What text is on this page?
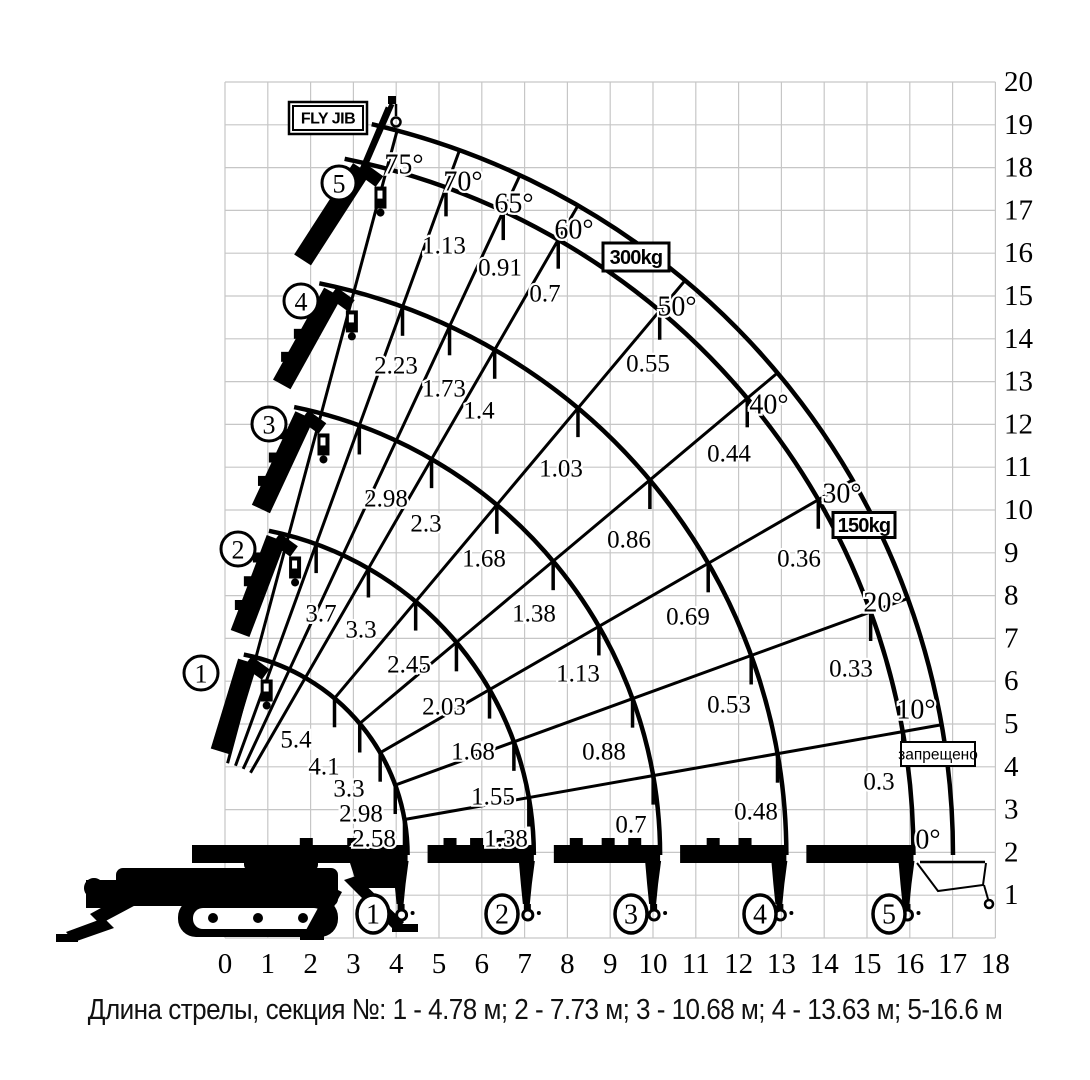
75°
70°
65°
60°
50°
40°
30°
20°
10°
0°
1.13
0.91
0.7
0.55
0.44
0.36
0.33
0.3
2.23
1.73
1.4
1.03
0.86
0.69
0.53
0.48
2.98
2.3
1.68
1.38
1.13
0.88
0.7
3.7
3.3
2.45
2.03
1.68
1.55
1.38
5.4
4.1
3.3
2.98
2.58
FLY JIB
300kg
150kg
запрещено
5
4
3
2
1
1	2	3	4	5
0 1 2 3 4 5 6 7 8 9 10 11 12 13 14 15 16 17 18
1
2
3
4
5
6
7
8
9
10
11
12
13
14
15
16
17
18
19
20
Длина стрелы, секция №: 1 - 4.78 м; 2 - 7.73 м; 3 - 10.68 м; 4 - 13.63 м; 5-16.6 м
